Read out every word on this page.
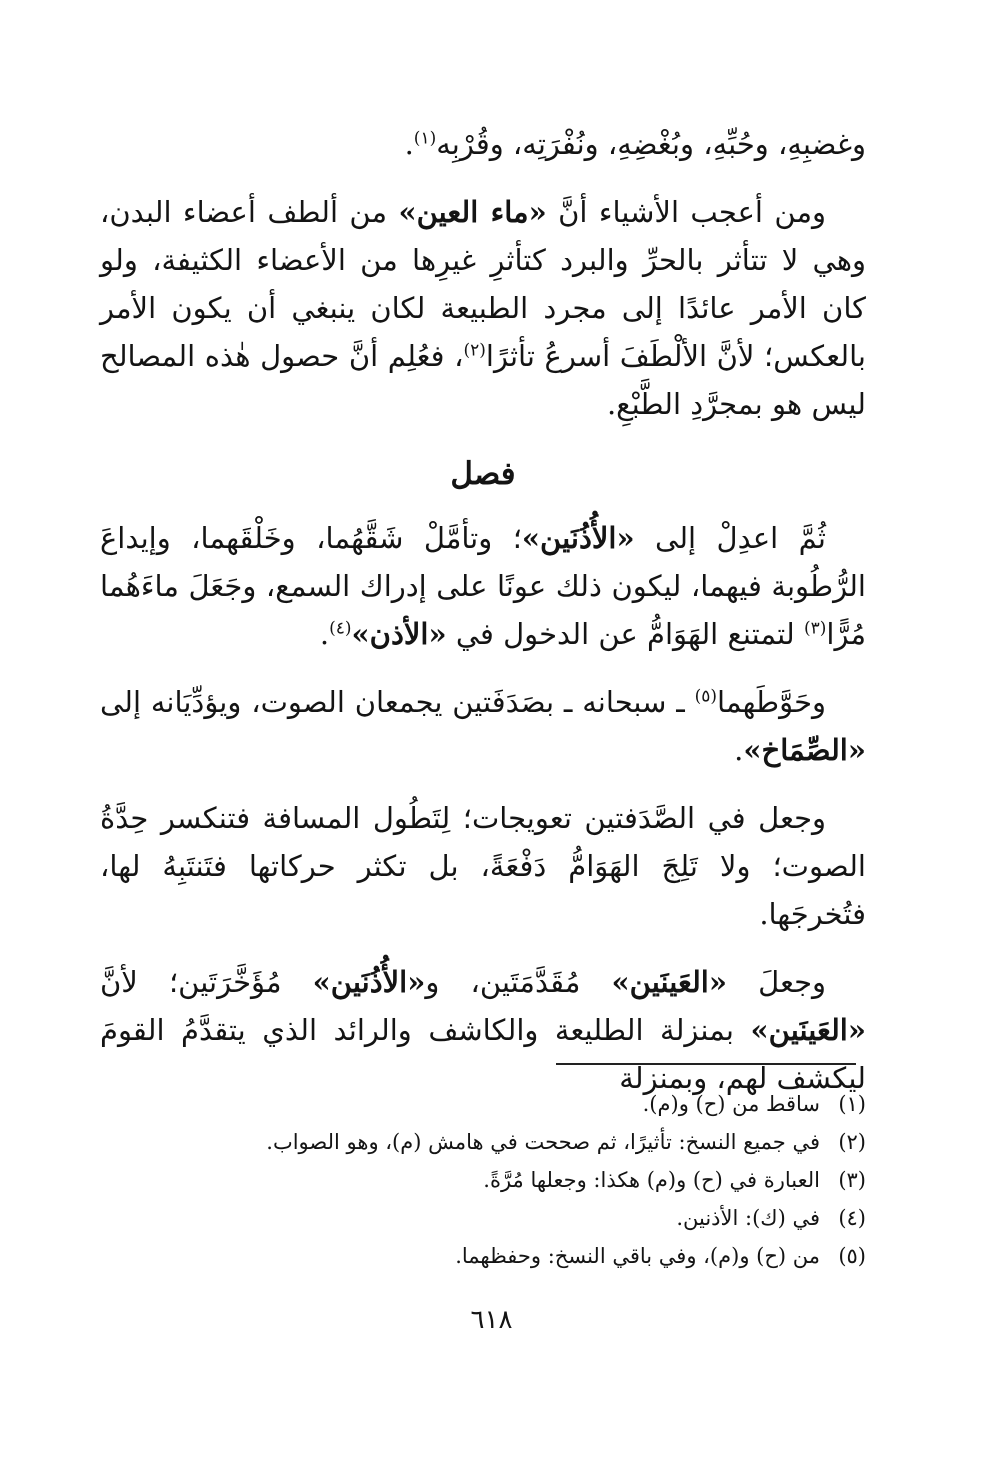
وغضبِهِ، وحُبِّهِ، وبُغْضِهِ، ونُفْرَتِه، وقُرْبِه$^{(١)}$.

ومن أعجب الأشياء أنَّ «ماء العين» من ألطف أعضاء البدن، وهي لا تتأثر بالحرِّ والبرد كتأثرِ غيرِها من الأعضاء الكثيفة، ولو كان الأمر عائدًا إلى مجرد الطبيعة لكان ينبغي أن يكون الأمر بالعكس؛ لأنَّ الألْطَفَ أسرعُ تأثرًا$^{(٢)}$، فعُلِم أنَّ حصول هٰذه المصالح ليس هو بمجرَّدِ الطَّبْعِ.

فصل

ثُمَّ اعدِلْ إلى «الأُذُنَين»؛ وتأمَّلْ شَقَّهُما، وخَلْقَهما، وإيداعَ الرُّطُوبة فيهما، ليكون ذلك عونًا على إدراك السمع، وجَعَلَ ماءَهُما مُرًّا$^{(٣)}$ لتمتنع الهَوَامُّ عن الدخول في «الأذن»$^{(٤)}$.

وحَوَّطَهما$^{(٥)}$ ـ سبحانه ـ بصَدَفَتين يجمعان الصوت، ويؤدِّيَانه إلى «الصِّمَاخ».

وجعل في الصَّدَفتين تعويجات؛ لِتَطُول المسافة فتنكسر حِدَّةُ الصوت؛ ولا تَلِجَ الهَوَامُّ دَفْعَةً، بل تكثر حركاتها فتَنتَبِهُ لها، فتُخرجَها.

وجعلَ «العَينَين» مُقَدَّمَتَين، و«الأُذُنَين» مُؤَخَّرَتَين؛ لأنَّ «العَينَين» بمنزلة الطليعة والكاشف والرائد الذي يتقدَّمُ القومَ ليكشف لهم، وبمنزلة

(١)ساقط من (ح) و(م).
(٢)في جميع النسخ: تأثيرًا، ثم صححت في هامش (م)، وهو الصواب.
(٣)العبارة في (ح) و(م) هكذا: وجعلها مُرَّةً.
(٤)في (ك): الأذنين.
(٥)من (ح) و(م)، وفي باقي النسخ: وحفظهما.
٦١٨
